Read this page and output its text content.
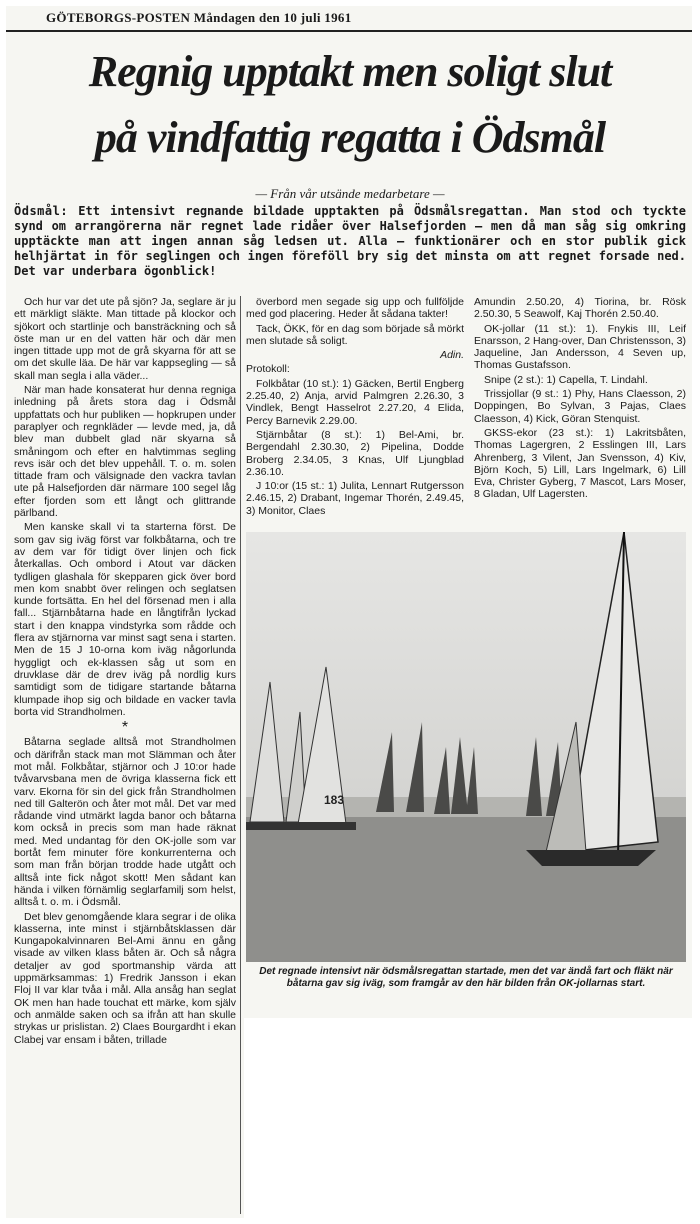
GÖTEBORGS-POSTEN Måndagen den 10 juli 1961
Regnig upptakt men soligt slut
på vindfattig regatta i Ödsmål
— Från vår utsände medarbetare —
Ödsmål: Ett intensivt regnande bildade upptakten på Ödsmålsregattan. Man stod och tyckte synd om arrangörerna när regnet lade ridåer över Halsefjorden — men då man såg sig omkring upptäckte man att ingen annan såg ledsen ut. Alla — funktionärer och en stor publik gick helhjärtat in för seglingen och ingen föreföll bry sig det minsta om att regnet forsade ned. Det var underbara ögonblick!

Och hur var det ute på sjön? Ja, seglare är ju ett märkligt släkte. Man tittade på klockor och sjökort och startlinje och bansträckning och så öste man ur en del vatten här och där men ingen tittade upp mot de grå skyarna för att se om det skulle läa. De här var kappsegling — så skall man segla i alla väder...

När man hade konsaterat hur denna regniga inledning på årets stora dag i Ödsmål uppfattats och hur publiken — hopkrupen under paraplyer och regnkläder — levde med, ja, då blev man dubbelt glad när skyarna så småningom och efter en halvtimmas segling revs isär och det blev uppehåll. T. o. m. solen tittade fram och välsignade den vackra tavlan ute på Halsefjorden där närmare 100 segel låg efter fjorden som ett långt och glittrande pärlband.

Men kanske skall vi ta starterna först. De som gav sig iväg först var folkbåtarna, och tre av dem var för tidigt över linjen och fick återkallas. Och ombord i Atout var däcken tydligen glashala för skepparen gick över bord men kom snabbt över relingen och seglatsen kunde fortsätta. En hel del försenad men i alla fall... Stjärnbåtarna hade en långtifrån lyckad start i den knappa vindstyrka som rådde och flera av stjärnorna var minst sagt sena i starten. Men de 15 J 10-orna kom iväg någorlunda hyggligt och ek-klassen såg ut som en druvklase där de drev iväg på nordlig kurs samtidigt som de tidigare startande båtarna klumpade ihop sig och bildade en vacker tavla borta vid Strandholmen.

*

Båtarna seglade alltså mot Strandholmen och därifrån stack man mot Slämman och åter mot mål. Folkbåtar, stjärnor och J 10:or hade tvåvarvsbana men de övriga klasserna fick ett varv. Ekorna för sin del gick från Strandholmen ned till Galterön och åter mot mål. Det var med rådande vind utmärkt lagda banor och båtarna kom också in precis som man hade räknat med. Med undantag för den OK-jolle som var bortåt fem minuter före konkurrenterna och som man från början trodde hade utgått och alltså inte fick något skott! Men sådant kan hända i vilken förnämlig seglarfamilj som helst, alltså t. o. m. i Ödsmål.

Det blev genomgående klara segrar i de olika klasserna, inte minst i stjärnbåtsklassen där Kungapokalvinnaren Bel-Ami ännu en gång visade av vilken klass båten är. Och så några detaljer av god sportmanship värda att uppmärksammas: 1) Fredrik Jansson i ekan Floj II var klar tvåa i mål. Alla ansåg han seglat OK men han hade touchat ett märke, kom själv och anmälde saken och sa ifrån att han skulle strykas ur prislistan. 2) Claes Bourgardht i ekan Clabej var ensam i båten, trillade

överbord men segade sig upp och fullföljde med god placering. Heder åt sådana takter!

Tack, ÖKK, för en dag som började så mörkt men slutade så soligt.

Adin.

Protokoll:

Folkbåtar (10 st.): 1) Gäcken, Bertil Engberg 2.25.40, 2) Anja, arvid Palmgren 2.26.30, 3 Vindlek, Bengt Hasselrot 2.27.20, 4 Elida, Percy Barnevik 2.29.00.

Stjärnbåtar (8 st.): 1) Bel-Ami, br. Bergendahl 2.30.30, 2) Pipelina, Dodde Broberg 2.34.05, 3 Knas, Ulf Ljungblad 2.36.10.

J 10:or (15 st.: 1) Julita, Lennart Rutgersson 2.46.15, 2) Drabant, Ingemar Thorén, 2.49.45, 3) Monitor, Claes

Amundin 2.50.20, 4) Tiorina, br. Rösk 2.50.30, 5 Seawolf, Kaj Thorén 2.50.40.

OK-jollar (11 st.): 1). Fnykis III, Leif Enarsson, 2 Hang-over, Dan Christensson, 3) Jaqueline, Jan Andersson, 4 Seven up, Thomas Gustafsson.

Snipe (2 st.): 1) Capella, T. Lindahl.

Trissjollar (9 st.: 1) Phy, Hans Claesson, 2) Doppingen, Bo Sylvan, 3 Pajas, Claes Claesson, 4) Kick, Göran Stenquist.

GKSS-ekor (23 st.): 1) Lakritsbåten, Thomas Lagergren, 2 Esslingen III, Lars Ahrenberg, 3 Vilent, Jan Svensson, 4) Kiv, Björn Koch, 5) Lill, Lars Ingelmark, 6) Lill Eva, Christer Gyberg, 7 Mascot, Lars Moser, 8 Gladan, Ulf Lagersten.

183
Det regnade intensivt när ödsmålsregattan startade, men det var ändå fart och fläkt när båtarna gav sig iväg, som framgår av den här bilden från OK-jollarnas start.
